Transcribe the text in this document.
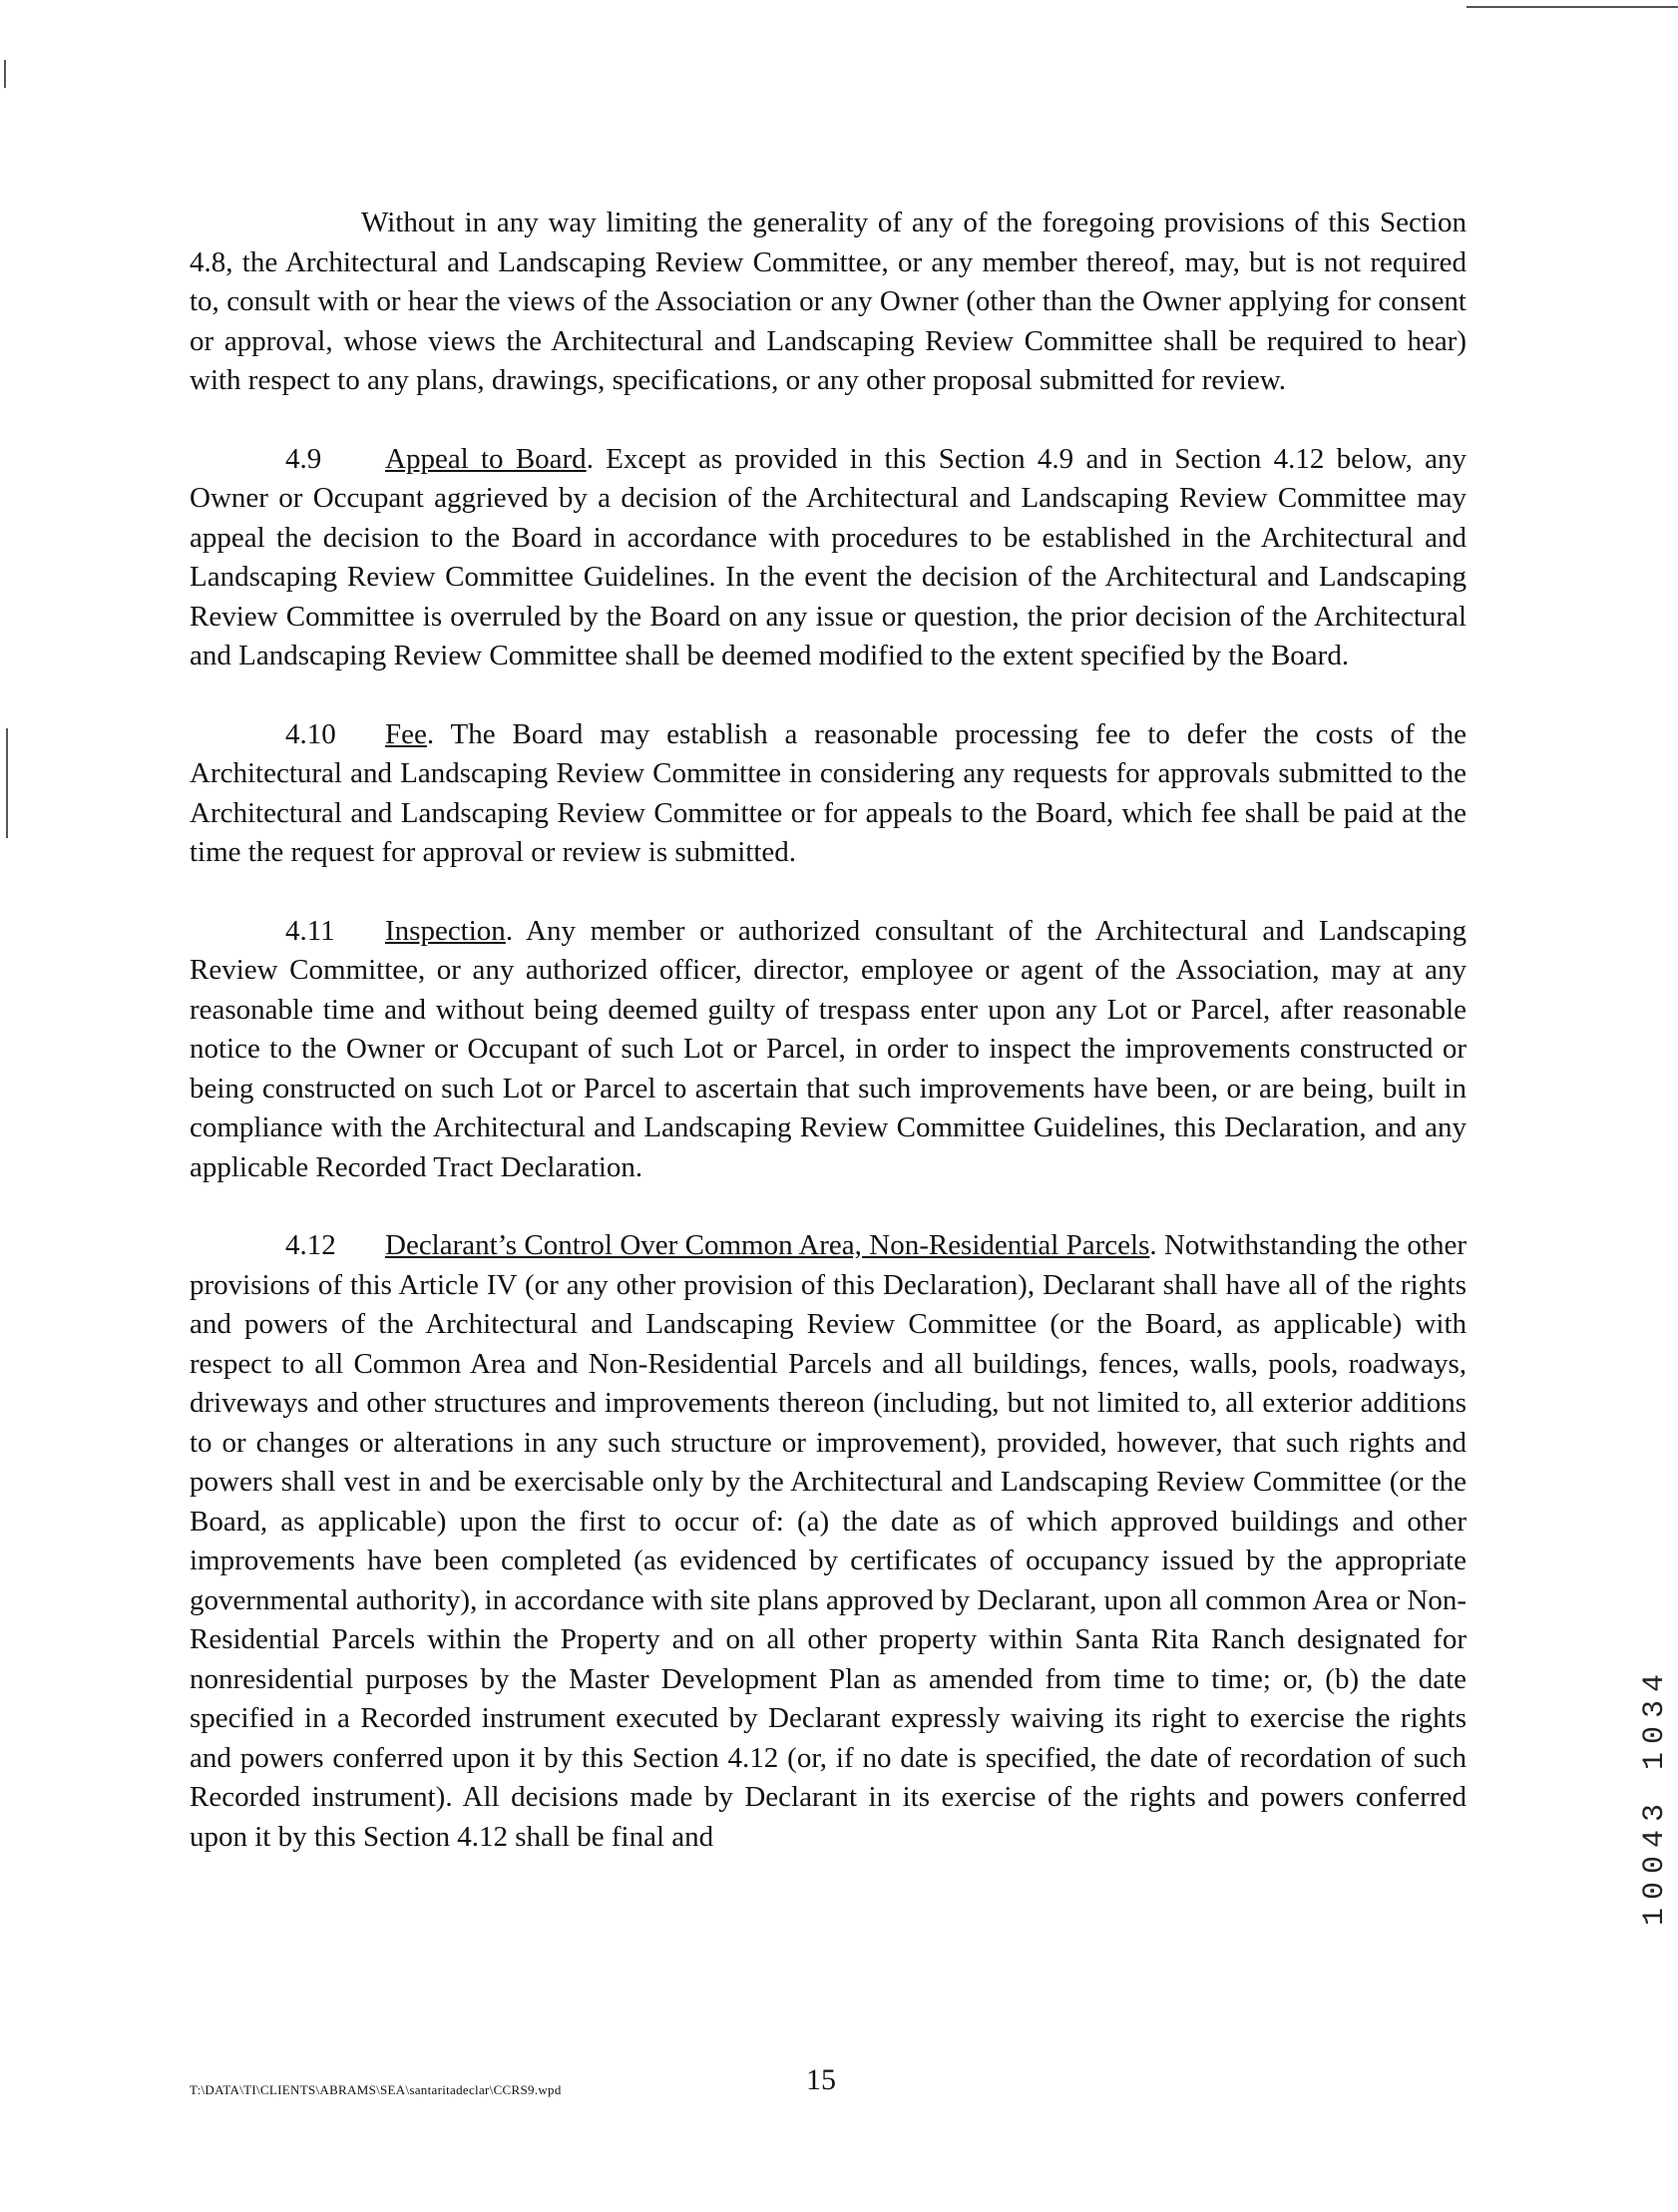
Without in any way limiting the generality of any of the foregoing provisions of this Section 4.8, the Architectural and Landscaping Review Committee, or any member thereof, may, but is not required to, consult with or hear the views of the Association or any Owner (other than the Owner applying for consent or approval, whose views the Architectural and Landscaping Review Committee shall be required to hear) with respect to any plans, drawings, specifications, or any other proposal submitted for review.

4.9 Appeal to Board. Except as provided in this Section 4.9 and in Section 4.12 below, any Owner or Occupant aggrieved by a decision of the Architectural and Landscaping Review Committee may appeal the decision to the Board in accordance with procedures to be established in the Architectural and Landscaping Review Committee Guidelines. In the event the decision of the Architectural and Landscaping Review Committee is overruled by the Board on any issue or question, the prior decision of the Architectural and Landscaping Review Committee shall be deemed modified to the extent specified by the Board.

4.10 Fee. The Board may establish a reasonable processing fee to defer the costs of the Architectural and Landscaping Review Committee in considering any requests for approvals submitted to the Architectural and Landscaping Review Committee or for appeals to the Board, which fee shall be paid at the time the request for approval or review is submitted.

4.11 Inspection. Any member or authorized consultant of the Architectural and Landscaping Review Committee, or any authorized officer, director, employee or agent of the Association, may at any reasonable time and without being deemed guilty of trespass enter upon any Lot or Parcel, after reasonable notice to the Owner or Occupant of such Lot or Parcel, in order to inspect the improvements constructed or being constructed on such Lot or Parcel to ascertain that such improvements have been, or are being, built in compliance with the Architectural and Landscaping Review Committee Guidelines, this Declaration, and any applicable Recorded Tract Declaration.

4.12 Declarant’s Control Over Common Area, Non-Residential Parcels. Notwithstanding the other provisions of this Article IV (or any other provision of this Declaration), Declarant shall have all of the rights and powers of the Architectural and Landscaping Review Committee (or the Board, as applicable) with respect to all Common Area and Non-Residential Parcels and all buildings, fences, walls, pools, roadways, driveways and other structures and improvements thereon (including, but not limited to, all exterior additions to or changes or alterations in any such structure or improvement), provided, however, that such rights and powers shall vest in and be exercisable only by the Architectural and Landscaping Review Committee (or the Board, as applicable) upon the first to occur of: (a) the date as of which approved buildings and other improvements have been completed (as evidenced by certificates of occupancy issued by the appropriate governmental authority), in accordance with site plans approved by Declarant, upon all common Area or Non-Residential Parcels within the Property and on all other property within Santa Rita Ranch designated for nonresidential purposes by the Master Development Plan as amended from time to time; or, (b) the date specified in a Recorded instrument executed by Declarant expressly waiving its right to exercise the rights and powers conferred upon it by this Section 4.12 (or, if no date is specified, the date of recordation of such Recorded instrument). All decisions made by Declarant in its exercise of the rights and powers conferred upon it by this Section 4.12 shall be final and

T:\DATA\TI\CLIENTS\ABRAMS\SEA\santaritadeclar\CCRS9.wpd	15
10043 1034
